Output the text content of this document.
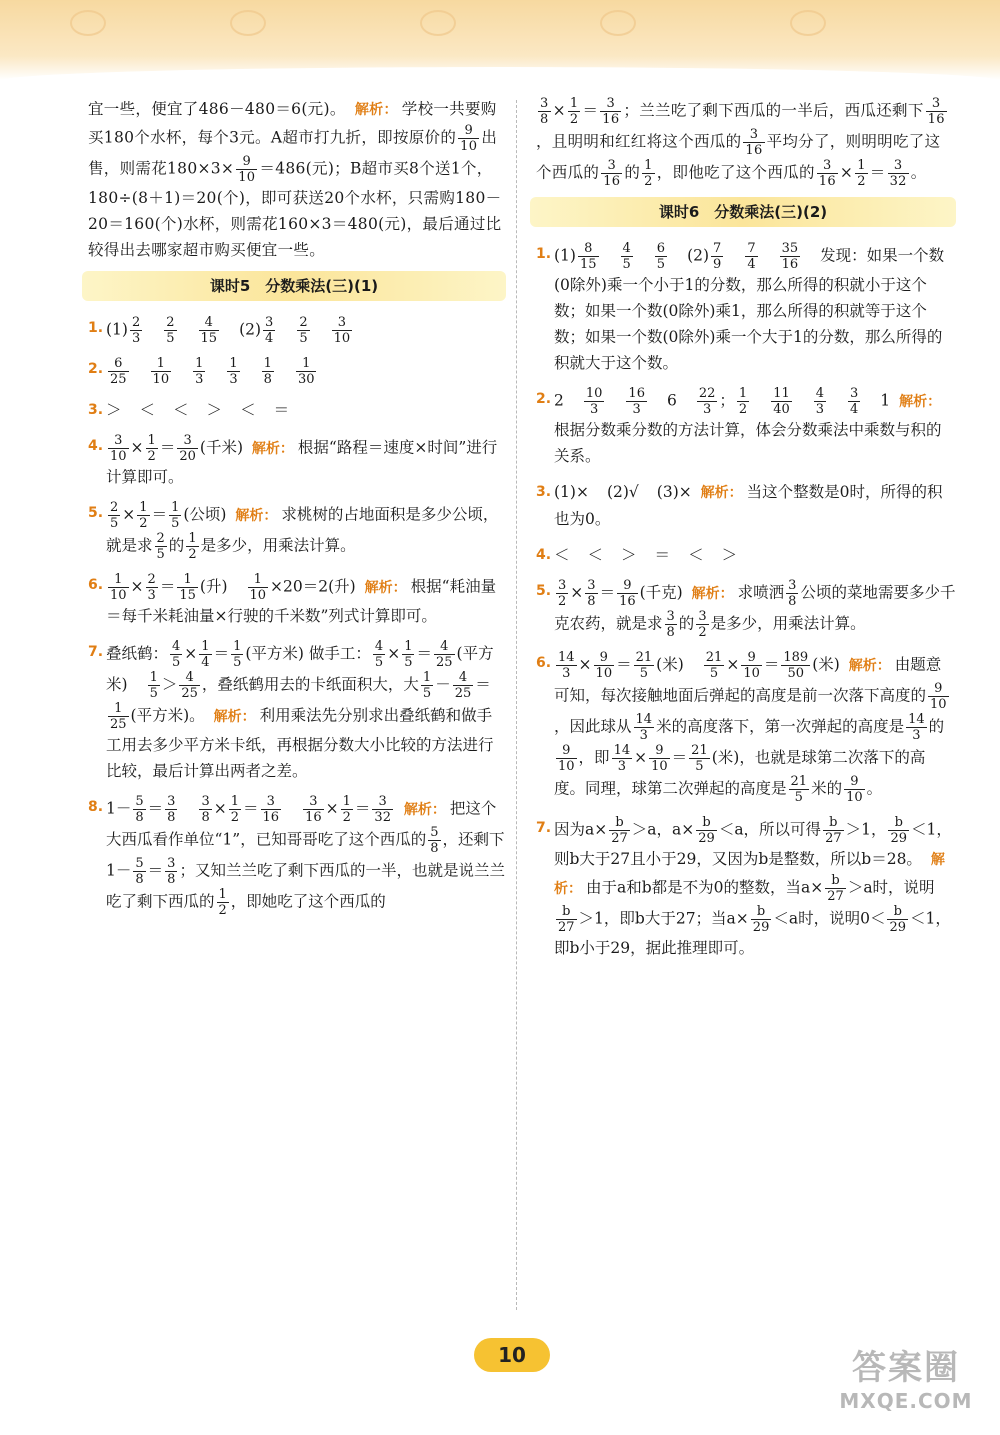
宜一些，便宜了486－480＝6(元)。 解析： 学校一共要购买180个水杯，每个3元。A超市打九折，即按原价的 $\frac{9}{10}$ 出售，则需花$180\times 3\times \frac{9}{10} =486$(元)；B超市买8个送1个，180÷(8＋1)＝20(个)，即可获送20个水杯，只需购180－20＝160(个)水杯，则需花160×3＝480(元)，最后通过比较得出去哪家超市购买便宜一些。
课时5　分数乘法(三)(1)
1. $(1) \frac{2}{3} \frac{2}{5} \frac{4}{15} (2) \frac{3}{4} \frac{2}{5} \frac{3}{10}$
2. $\frac{6}{25} \frac{1}{10} \frac{1}{3} \frac{1}{3} \frac{1}{8} \frac{1}{30}$
3. ＞ ＜ ＜ ＞ ＜ ＝
4. $\frac{3}{10} \times \frac{1}{2} = \frac{3}{20}$ (千米) 解析： 根据“路程＝速度×时间”进行计算即可。
5. $\frac{2}{5} \times \frac{1}{2} = \frac{1}{5}$ (公顷) 解析： 求桃树的占地面积是多少公顷，就是求 $\frac{2}{5}$ 的 $\frac{1}{2}$ 是多少，用乘法计算。
6. $\frac{1}{10} \times \frac{2}{3} = \frac{1}{15}$ (升) $\frac{1}{10} \times 20=2$(升) 解析： 根据“耗油量＝每千米耗油量×行驶的千米数”列式计算即可。
7. 叠纸鹤： $\frac{4}{5} \times \frac{1}{4} = \frac{1}{5}$ (平方米) 做手工： $\frac{4}{5} \times \frac{1}{5} = \frac{4}{25}$ (平方米) $\frac{1}{5} > \frac{4}{25}$ ，叠纸鹤用去的卡纸面积大，大 $\frac{1}{5} - \frac{4}{25}$ ＝
$\frac{1}{25}$ (平方米)。 解析： 利用乘法先分别求出叠纸鹤和做手工用去多少平方米卡纸，再根据分数大小比较的方法进行比较，最后计算出两者之差。
8. $1- \frac{5}{8} = \frac{3}{8} \frac{3}{8} \times \frac{1}{2} = \frac{3}{16} \frac{3}{16} \times \frac{1}{2} = \frac{3}{32}$ 解析： 把这个大西瓜看作单位“1”，已知哥哥吃了这个西瓜的 $\frac{5}{8}$ ，还剩下$1- \frac{5}{8} = \frac{3}{8}$ ；又知兰兰吃了剩下西瓜的一半，也就是说兰兰吃了剩下西瓜的 $\frac{1}{2}$ ，即她吃了这个西瓜的
$\frac{3}{8} \times \frac{1}{2} = \frac{3}{16}$ ；兰兰吃了剩下西瓜的一半后，西瓜还剩下 $\frac{3}{16}$
，且明明和红红将这个西瓜的 $\frac{3}{16}$ 平均分了，则明明吃了这个西瓜的 $\frac{3}{16}$ 的 $\frac{1}{2}$ ，即他吃了这个西瓜的 $\frac{3}{16} \times \frac{1}{2} = \frac{3}{32}$ 。
课时6　分数乘法(三)(2)
1. $(1) \frac{8}{15} \frac{4}{5} \frac{6}{5} (2) \frac{7}{9} \frac{7}{4} \frac{35}{16}$ 发现：如果一个数(0除外)乘一个小于1的分数，那么所得的积就小于这个数；如果一个数(0除外)乘1，那么所得的积就等于这个数；如果一个数(0除外)乘一个大于1的分数，那么所得的积就大于这个数。
2. $2 \frac{10}{3} \frac{16}{3} 6 \frac{22}{3}$ ； $\frac{1}{2} \frac{11}{40} \frac{4}{3} \frac{3}{4} 1$ 解析：根据分数乘分数的方法计算，体会分数乘法中乘数与积的关系。
3. (1)× (2)√ (3)× 解析： 当这个整数是0时，所得的积也为0。
4. ＜ ＜ ＞ ＝ ＜ ＞
5. $\frac{3}{2} \times \frac{3}{8} = \frac{9}{16}$ (千克) 解析： 求喷洒 $\frac{3}{8}$ 公顷的菜地需要多少千克农药，就是求 $\frac{3}{8}$ 的 $\frac{3}{2}$ 是多少，用乘法计算。
6. $\frac{14}{3} \times \frac{9}{10} = \frac{21}{5}$ (米) $\frac{21}{5} \times \frac{9}{10} = \frac{189}{50}$ (米) 解析： 由题意可知，每次接触地面后弹起的高度是前一次落下高度的 $\frac{9}{10}$
，因此球从 $\frac{14}{3}$ 米的高度落下，第一次弹起的高度是 $\frac{14}{3}$ 的
$\frac{9}{10}$ ，即 $\frac{14}{3} \times \frac{9}{10} = \frac{21}{5}$ (米)，也就是球第二次落下的高度。同理，球第二次弹起的高度是 $\frac{21}{5}$ 米的 $\frac{9}{10}$ 。
7. 因为$a\times \frac{b}{27} >a$，$a\times \frac{b}{29} <a$，所以可得 $\frac{b}{27} >1$， $\frac{b}{29} <1$，则b大于27且小于29，又因为b是整数，所以b＝28。 解析： 由于a和b都是不为0的整数，当$a\times \frac{b}{27} >a$时，说明
$\frac{b}{27} >1$，即b大于27；当$a\times \frac{b}{29} <a$时，说明$0< \frac{b}{29} <1$，即b小于29，据此推理即可。
10	答案圈
MXQE.COM
